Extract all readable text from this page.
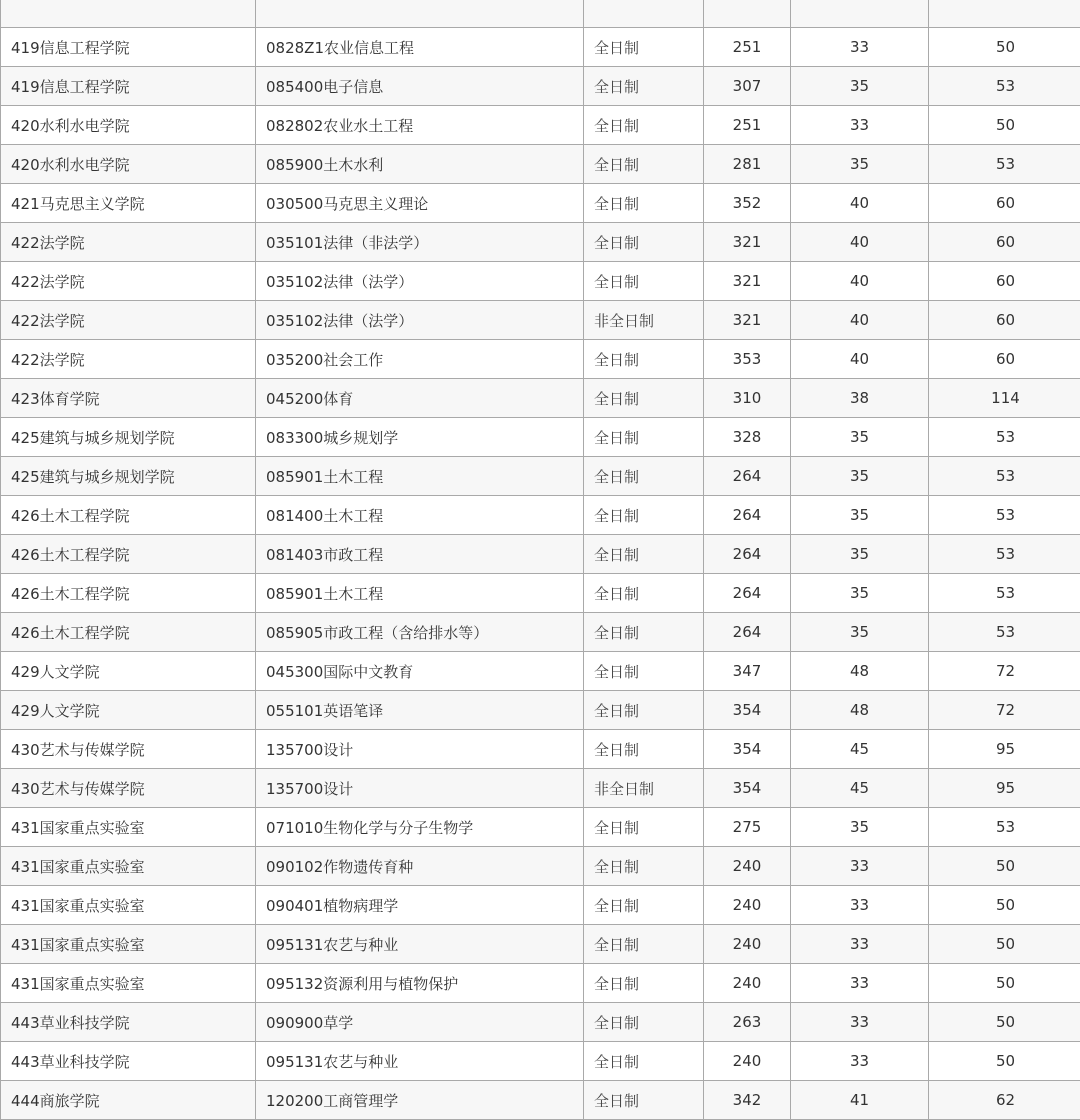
419信息工程学院	0828Z1农业信息工程	全日制	251	33	50
419信息工程学院	085400电子信息	全日制	307	35	53
420水利水电学院	082802农业水土工程	全日制	251	33	50
420水利水电学院	085900土木水利	全日制	281	35	53
421马克思主义学院	030500马克思主义理论	全日制	352	40	60
422法学院	035101法律（非法学）	全日制	321	40	60
422法学院	035102法律（法学）	全日制	321	40	60
422法学院	035102法律（法学）	非全日制	321	40	60
422法学院	035200社会工作	全日制	353	40	60
423体育学院	045200体育	全日制	310	38	114
425建筑与城乡规划学院	083300城乡规划学	全日制	328	35	53
425建筑与城乡规划学院	085901土木工程	全日制	264	35	53
426土木工程学院	081400土木工程	全日制	264	35	53
426土木工程学院	081403市政工程	全日制	264	35	53
426土木工程学院	085901土木工程	全日制	264	35	53
426土木工程学院	085905市政工程（含给排水等）	全日制	264	35	53
429人文学院	045300国际中文教育	全日制	347	48	72
429人文学院	055101英语笔译	全日制	354	48	72
430艺术与传媒学院	135700设计	全日制	354	45	95
430艺术与传媒学院	135700设计	非全日制	354	45	95
431国家重点实验室	071010生物化学与分子生物学	全日制	275	35	53
431国家重点实验室	090102作物遗传育种	全日制	240	33	50
431国家重点实验室	090401植物病理学	全日制	240	33	50
431国家重点实验室	095131农艺与种业	全日制	240	33	50
431国家重点实验室	095132资源利用与植物保护	全日制	240	33	50
443草业科技学院	090900草学	全日制	263	33	50
443草业科技学院	095131农艺与种业	全日制	240	33	50
444商旅学院	120200工商管理学	全日制	342	41	62
